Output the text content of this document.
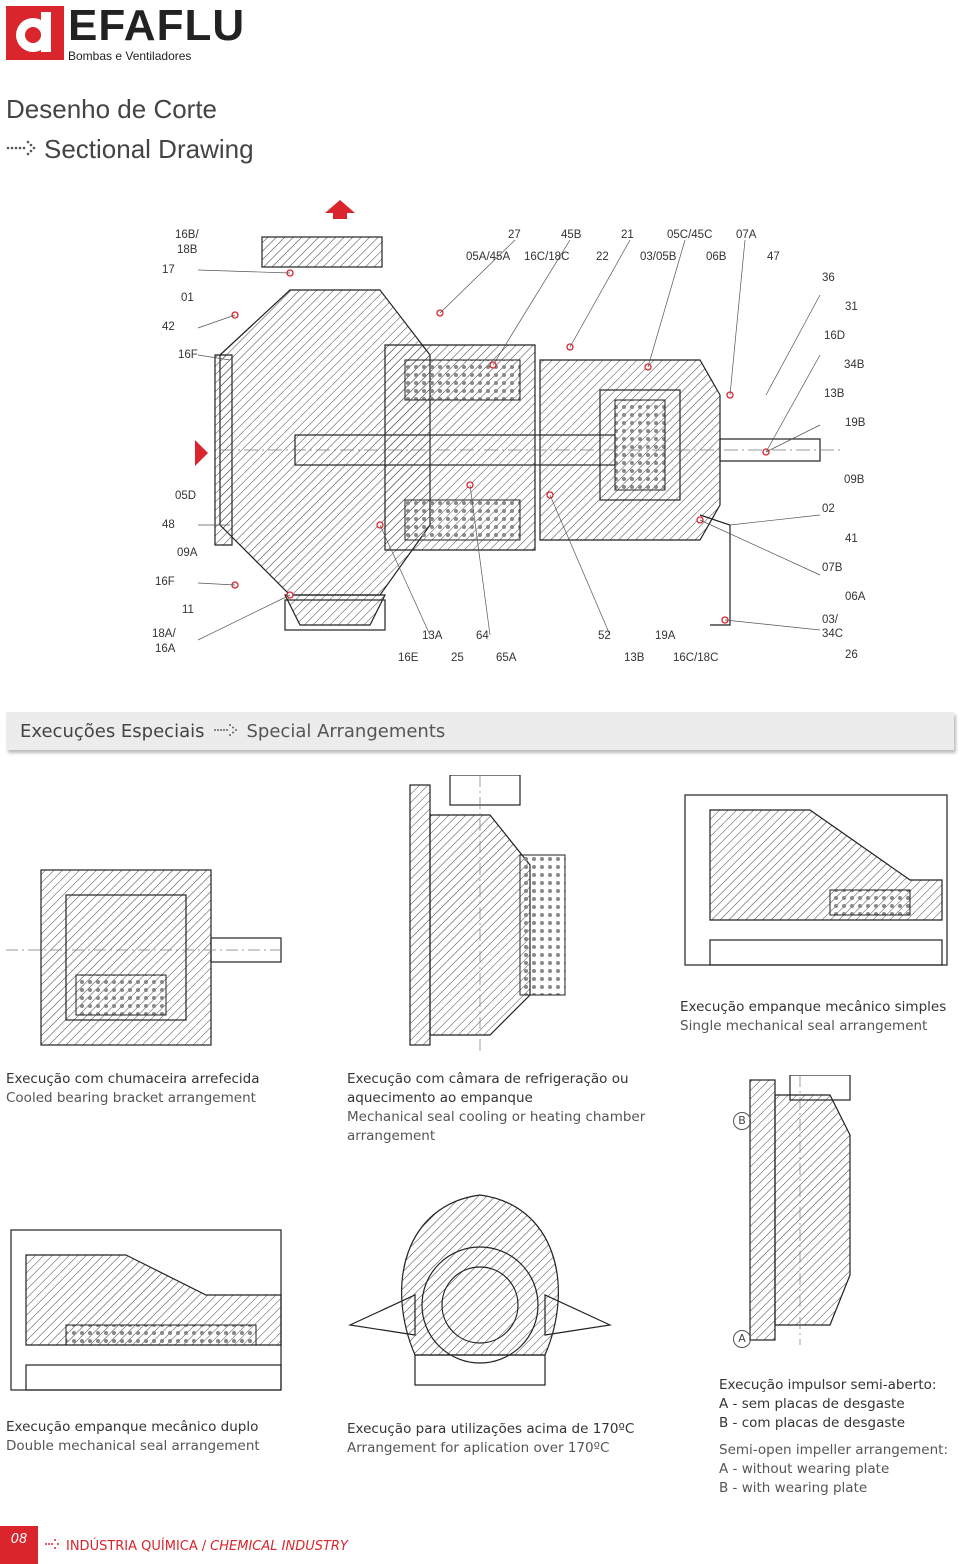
EFAFLU
Bombas e Ventiladores
Desenho de Corte
Sectional Drawing
16B/
18B
17
01
42
16F
05D
48
09A
16F
11
18A/
16A
27	45B	21	05C/45C 07A
05A/45A 16C/18C 22	03/05B	06B	47
36
31
16D
34B
13B
19B
09B
02
41
07B
06A
03/
34C
26
13A	64	52	19A
16E	25	65A	13B 16C/18C
Execuções Especiais Special Arrangements
B
A
Execução empanque mecânico simples
Single mechanical seal arrangement
Execução com chumaceira arrefecida
Cooled bearing bracket arrangement
Execução com câmara de refrigeração ou
aquecimento ao empanque
Mechanical seal cooling or heating chamber
arrangement
Execução empanque mecânico duplo
Double mechanical seal arrangement
Execução para utilizações acima de 170ºC
Arrangement for aplication over 170ºC
Execução impulsor semi-aberto:
A - sem placas de desgaste
B - com placas de desgaste
Semi-open impeller arrangement:
A - without wearing plate
B - with wearing plate
08	INDÚSTRIA QUÍMICA / CHEMICAL INDUSTRY
